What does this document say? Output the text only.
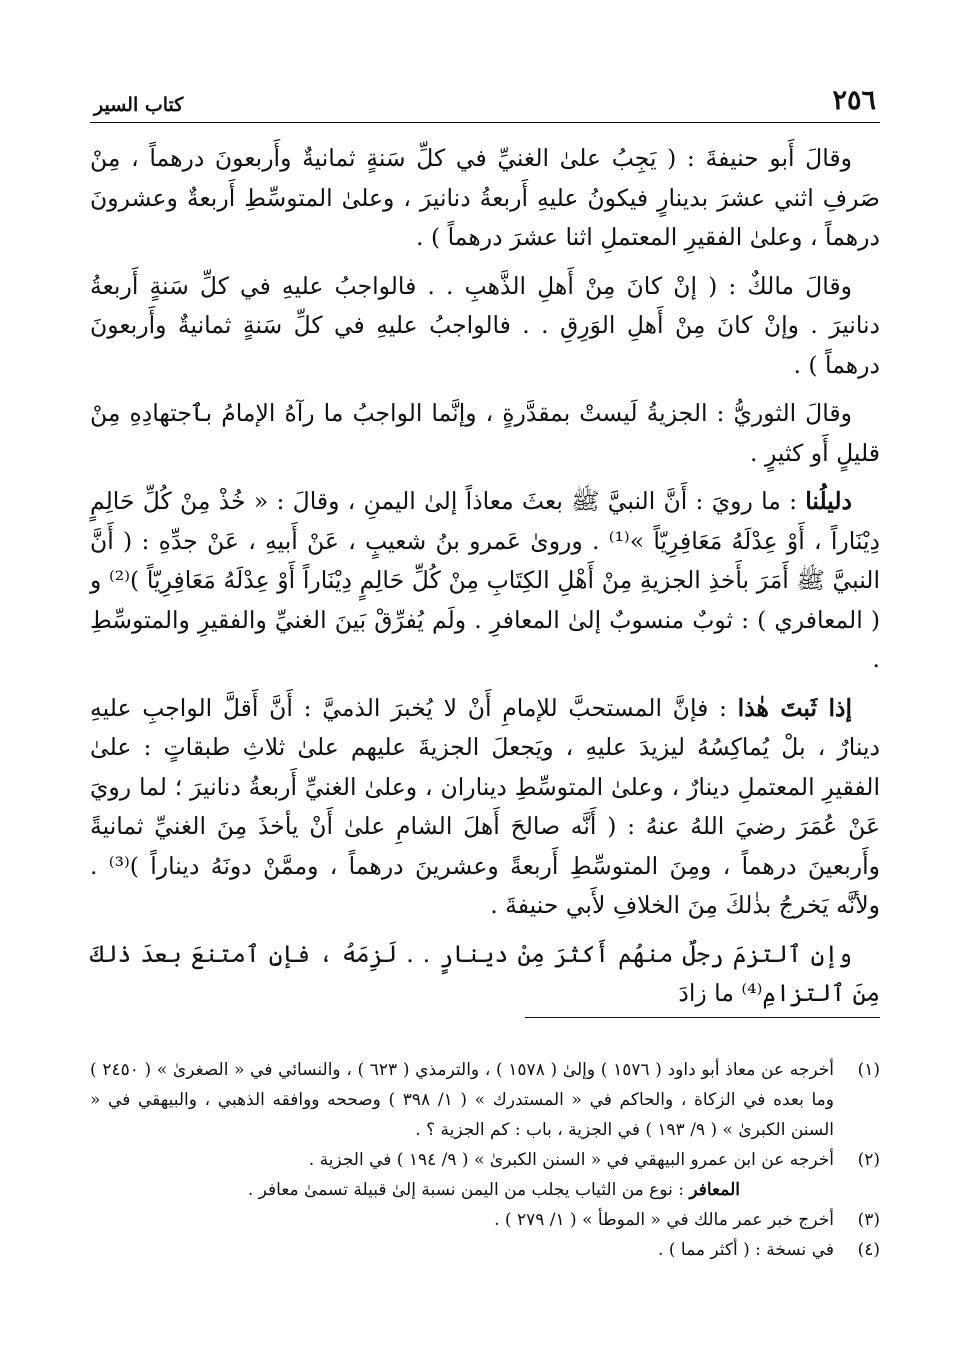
٢٥٦
كتاب السير

وقالَ أَبو حنيفةَ : ( يَجِبُ علىٰ الغنيِّ في كلِّ سَنةٍ ثمانيةٌ وأَربعونَ درهماً ، مِنْ صَرفِ اثني عشرَ بدينارٍ فيكونُ عليهِ أَربعةُ دنانيرَ ، وعلىٰ المتوسِّطِ أَربعةٌ وعشرونَ درهماً ، وعلىٰ الفقيرِ المعتملِ اثنا عشرَ درهماً ) .

وقالَ مالكٌ : ( إنْ كانَ مِنْ أَهلِ الذَّهبِ . . فالواجبُ عليهِ في كلِّ سَنةٍ أَربعةُ دنانيرَ . وإنْ كانَ مِنْ أَهلِ الوَرِقِ . . فالواجبُ عليهِ في كلِّ سَنةٍ ثمانيةٌ وأَربعونَ درهماً ) .

وقالَ الثوريُّ : الجزيةُ لَيستْ بمقدَّرةٍ ، وإنَّما الواجبُ ما رآهُ الإمامُ بٱجتهادِهِ مِنْ قليلٍ أَو كثيرٍ .

دليلُنا : ما رويَ : أَنَّ النبيَّ ﷺ بعثَ معاذاً إلىٰ اليمنِ ، وقالَ : « خُذْ مِنْ كُلِّ حَالِمٍ دِيْنَاراً ، أَوْ عِدْلَهُ مَعَافِرِيّاً »⁽¹⁾ . وروىٰ عَمرو بنُ شعيبٍ ، عَنْ أَبيهِ ، عَنْ جدِّهِ : ( أَنَّ النبيَّ ﷺ أَمَرَ بأَخذِ الجزيةِ مِنْ أَهْلِ الكِتَابِ مِنْ كُلِّ حَالِمٍ دِيْنَاراً أَوْ عِدْلَهُ مَعَافِرِيّاً )⁽²⁾ و ( المعافري ) : ثوبٌ منسوبٌ إلىٰ المعافرِ . ولَم يُفرِّقْ بَينَ الغنيِّ والفقيرِ والمتوسِّطِ .

إذا ثَبتَ هٰذا : فإنَّ المستحبَّ للإمامِ أَنْ لا يُخبرَ الذميَّ : أَنَّ أَقلَّ الواجبِ عليهِ دينارٌ ، بلْ يُماكِسُهُ ليزيدَ عليهِ ، ويَجعلَ الجزيةَ عليهم علىٰ ثلاثِ طبقاتٍ : علىٰ الفقيرِ المعتملِ دينارٌ ، وعلىٰ المتوسِّطِ ديناران ، وعلىٰ الغنيِّ أَربعةُ دنانيرَ ؛ لما رويَ عَنْ عُمَرَ رضيَ اللهُ عنهُ : ( أَنَّه صالحَ أَهلَ الشامِ علىٰ أَنْ يأخذَ مِنَ الغنيِّ ثمانيةً وأَربعينَ درهماً ، ومِنَ المتوسِّطِ أَربعةً وعشرينَ درهماً ، وممَّنْ دونَهُ ديناراً )⁽³⁾ . ولأنَّه يَخرجُ بذٰلكَ مِنَ الخلافِ لأَبي حنيفةَ .

وإنِ ٱلتزمَ رجلٌ منهُم أَكثرَ مِنْ دينارٍ . . لَزِمَهُ ، فإنِ ٱمتنعَ بعدَ ذٰلكَ مِنَ ٱلتزامِ⁽⁴⁾ ما زادَ

(١)
أخرجه عن معاذ أبو داود ( ١٥٧٦ ) وإلىٰ ( ١٥٧٨ ) ، والترمذي ( ٦٢٣ ) ، والنسائي في « الصغرىٰ » ( ٢٤٥٠ ) وما بعده في الزكاة ، والحاكم في « المستدرك » ( ١/ ٣٩٨ ) وصححه ووافقه الذهبي ، والبيهقي في « السنن الكبرىٰ » ( ٩/ ١٩٣ ) في الجزية ، باب : كم الجزية ؟ .
(٢)
أخرجه عن ابن عمرو البيهقي في « السنن الكبرىٰ » ( ٩/ ١٩٤ ) في الجزية .
المعافر : نوع من الثياب يجلب من اليمن نسبة إلىٰ قبيلة تسمىٰ معافر .
(٣)
أخرج خبر عمر مالك في « الموطأ » ( ١/ ٢٧٩ ) .
(٤)
في نسخة : ( أكثر مما ) .
